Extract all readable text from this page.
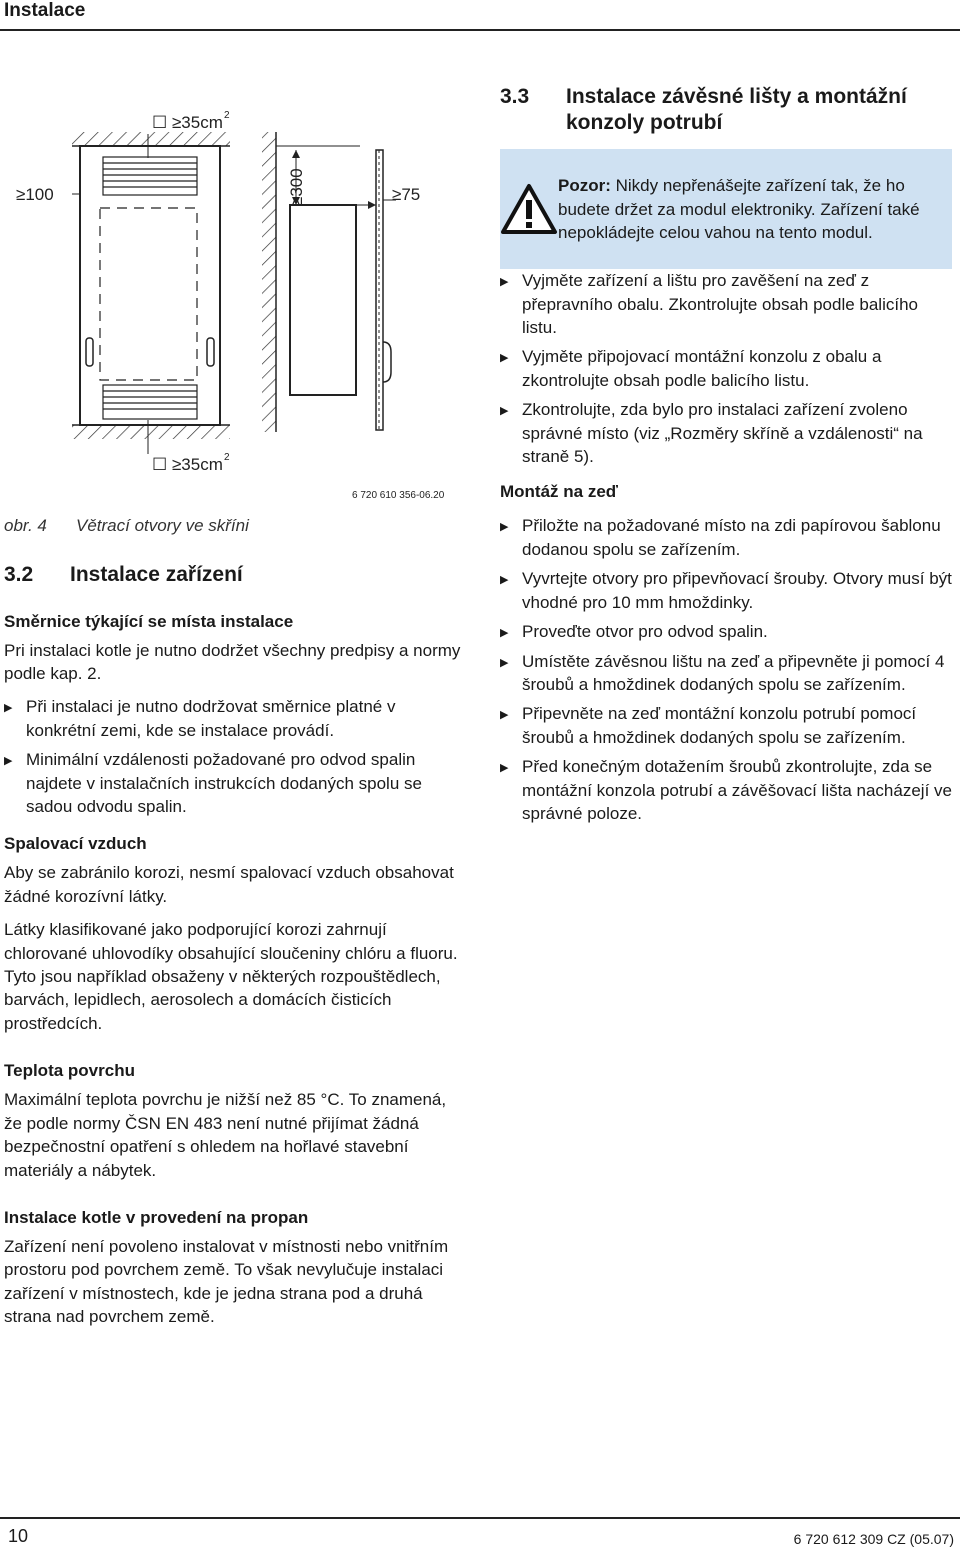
Instalace
≥100
☐ ≥35cm 2
☐ ≥35cm 2
≥300	≥75
6 720 610 356-06.20
obr. 4 Větrací otvory ve skříni
3.2 Instalace zařízení
Směrnice týkající se místa instalace

Pri instalaci kotle je nutno dodržet všechny predpisy a normy podle kap. 2.

▶ Při instalaci je nutno dodržovat směrnice platné v konkrétní zemi, kde se instalace provádí.
▶ Minimální vzdálenosti požadované pro odvod spalin najdete v instalačních instrukcích dodaných spolu se sadou odvodu spalin.
Spalovací vzduch

Aby se zabránilo korozi, nesmí spalovací vzduch obsahovat žádné korozívní látky.

Látky klasifikované jako podporující korozi zahrnují chlorované uhlovodíky obsahující sloučeniny chlóru a fluoru. Tyto jsou například obsaženy v některých rozpouštědlech, barvách, lepidlech, aerosolech a domácích čisticích prostředcích.

Teplota povrchu

Maximální teplota povrchu je nižší než 85 °C. To znamená, že podle normy ČSN EN 483 není nutné přijímat žádná bezpečnostní opatření s ohledem na hořlavé stavební materiály a nábytek.

Instalace kotle v provedení na propan

Zařízení není povoleno instalovat v místnosti nebo vnitřním prostoru pod povrchem země. To však nevylučuje instalaci zařízení v místnostech, kde je jedna strana pod a druhá strana nad povrchem země.

3.3	Instalace závěsné lišty a montážní konzoly potrubí
Pozor: Nikdy nepřenášejte zařízení tak, že ho budete držet za modul elektroniky. Zařízení také nepokládejte celou vahou na tento modul.
▶ Vyjměte zařízení a lištu pro zavěšení na zeď z přepravního obalu. Zkontrolujte obsah podle balicího listu.
▶ Vyjměte připojovací montážní konzolu z obalu a zkontrolujte obsah podle balicího listu.
▶ Zkontrolujte, zda bylo pro instalaci zařízení zvoleno správné místo (viz „Rozměry skříně a vzdálenosti“ na straně 5).
Montáž na zeď
▶ Přiložte na požadované místo na zdi papírovou šablonu dodanou spolu se zařízením.
▶ Vyvrtejte otvory pro připevňovací šrouby. Otvory musí být vhodné pro 10 mm hmoždinky.
▶ Proveďte otvor pro odvod spalin.
▶ Umístěte závěsnou lištu na zeď a připevněte ji pomocí 4 šroubů a hmoždinek dodaných spolu se zařízením.
▶ Připevněte na zeď montážní konzolu potrubí pomocí šroubů a hmoždinek dodaných spolu se zařízením.
▶ Před konečným dotažením šroubů zkontrolujte, zda se montážní konzola potrubí a závěšovací lišta nacházejí ve správné poloze.
10	6 720 612 309 CZ (05.07)
